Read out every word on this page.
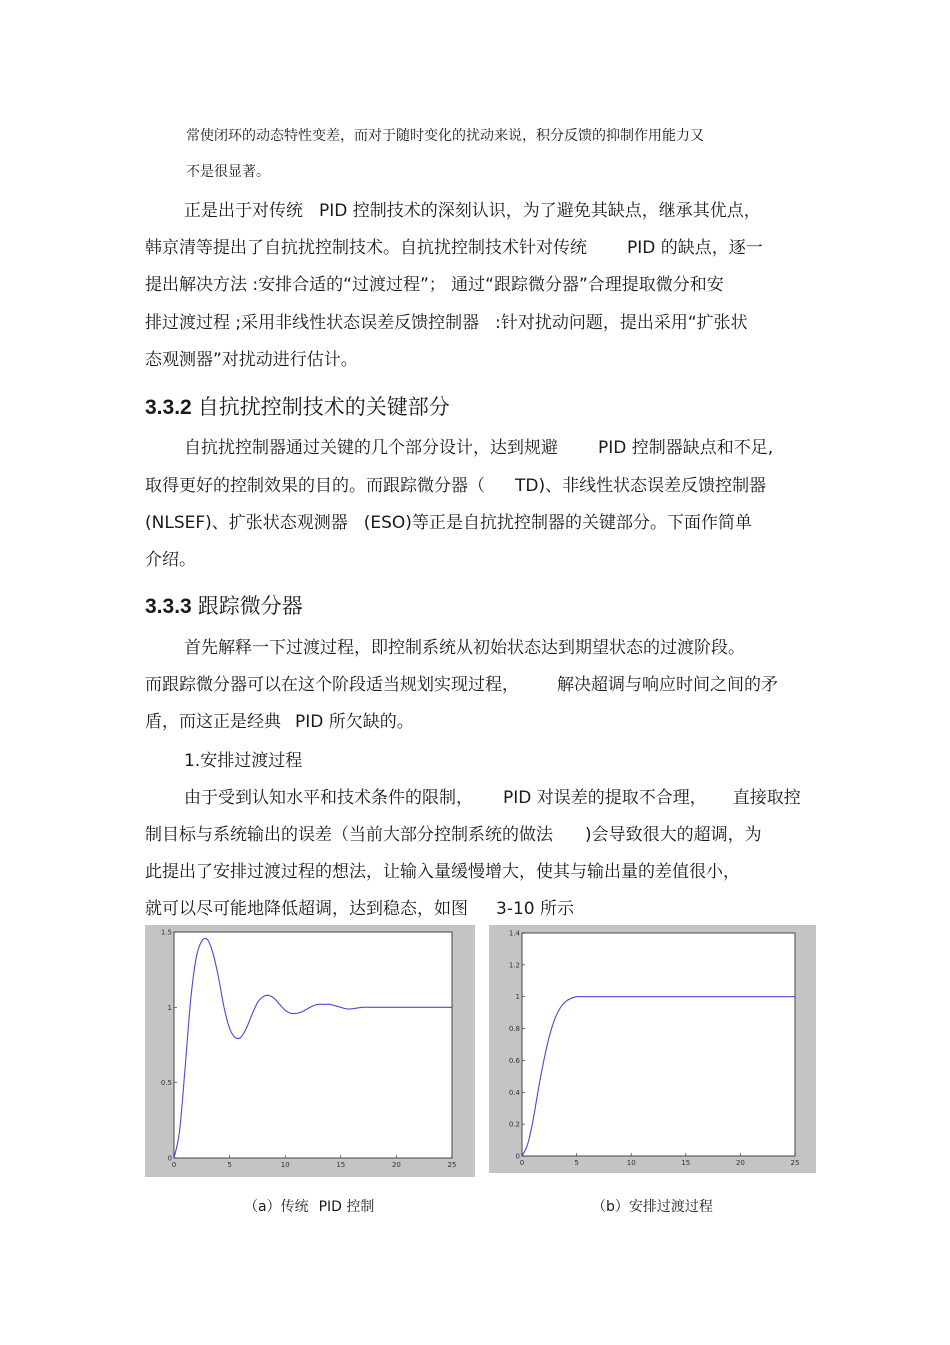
常使闭环的动态特性变差，而对于随时变化的扰动来说，积分反馈的抑制作用能力又
不是很显著。
正是出于对传统 PID 控制技术的深刻认识，为了避免其缺点，继承其优点，
韩京清等提出了自抗扰控制技术。自抗扰控制技术针对传统 PID 的缺点，逐一
提出解决方法 :安排合适的“过渡过程”； 通过“跟踪微分器”合理提取微分和安
排过渡过程 ;采用非线性状态误差反馈控制器 :针对扰动问题，提出采用“扩张状
态观测器”对扰动进行估计。
3.3.2 自抗扰控制技术的关键部分
自抗扰控制器通过关键的几个部分设计，达到规避 PID 控制器缺点和不足,
取得更好的控制效果的目的。而跟踪微分器（ TD)、非线性状态误差反馈控制器
(NLSEF)、扩张状态观测器 (ESO)等正是自抗扰控制器的关键部分。下面作简单
介绍。
3.3.3 跟踪微分器
首先解释一下过渡过程，即控制系统从初始状态达到期望状态的过渡阶段。
而跟踪微分器可以在这个阶段适当规划实现过程， 解决超调与响应时间之间的矛
盾，而这正是经典 PID 所欠缺的。
1.安排过渡过程
由于受到认知水平和技术条件的限制， PID 对误差的提取不合理， 直接取控
制目标与系统输出的误差（当前大部分控制系统的做法 )会导致很大的超调，为
此提出了安排过渡过程的想法，让输入量缓慢增大，使其与输出量的差值很小，
就可以尽可能地降低超调，达到稳态，如图 3-10 所示
0	5	10	15	20	25
0
0.5
1
1.5
0	5	10	15	20	25
0
0.2
0.4
0.6
0.8
1
1.2
1.4
（a）传统 PID 控制	（b）安排过渡过程
